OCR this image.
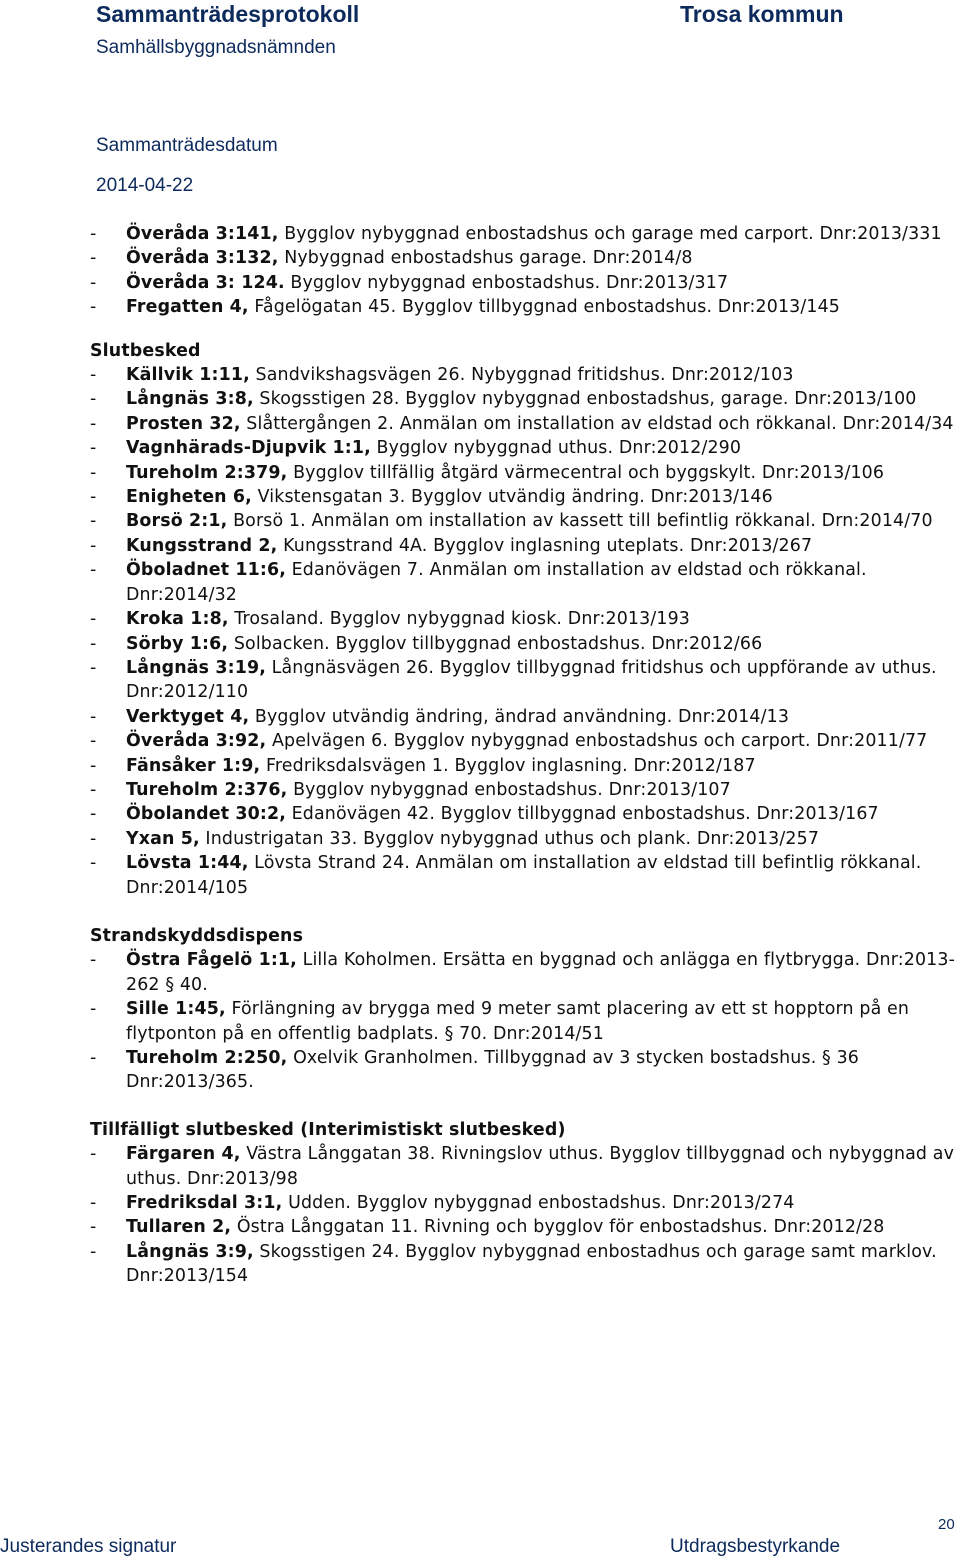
Sammanträdesprotokoll	Trosa kommun
Samhällsbyggnadsnämnden
Sammanträdesdatum
2014-04-22
- Överåda 3:141, Bygglov nybyggnad enbostadshus och garage med carport. Dnr:2013/331
- Överåda 3:132, Nybyggnad enbostadshus garage. Dnr:2014/8
- Överåda 3: 124. Bygglov nybyggnad enbostadshus. Dnr:2013/317
- Fregatten 4, Fågelögatan 45. Bygglov tillbyggnad enbostadshus. Dnr:2013/145
Slutbesked
- Källvik 1:11, Sandvikshagsvägen 26. Nybyggnad fritidshus. Dnr:2012/103
- Långnäs 3:8, Skogsstigen 28. Bygglov nybyggnad enbostadshus, garage. Dnr:2013/100
- Prosten 32, Slåttergången 2. Anmälan om installation av eldstad och rökkanal. Dnr:2014/34
- Vagnhärads-Djupvik 1:1, Bygglov nybyggnad uthus. Dnr:2012/290
- Tureholm 2:379, Bygglov tillfällig åtgärd värmecentral och byggskylt. Dnr:2013/106
- Enigheten 6, Vikstensgatan 3. Bygglov utvändig ändring. Dnr:2013/146
- Borsö 2:1, Borsö 1. Anmälan om installation av kassett till befintlig rökkanal. Drn:2014/70
- Kungsstrand 2, Kungsstrand 4A. Bygglov inglasning uteplats. Dnr:2013/267
- Öboladnet 11:6, Edanövägen 7. Anmälan om installation av eldstad och rökkanal. Dnr:2014/32
- Kroka 1:8, Trosaland. Bygglov nybyggnad kiosk. Dnr:2013/193
- Sörby 1:6, Solbacken. Bygglov tillbyggnad enbostadshus. Dnr:2012/66
- Långnäs 3:19, Långnäsvägen 26. Bygglov tillbyggnad fritidshus och uppförande av uthus. Dnr:2012/110
- Verktyget 4, Bygglov utvändig ändring, ändrad användning. Dnr:2014/13
- Överåda 3:92, Apelvägen 6. Bygglov nybyggnad enbostadshus och carport. Dnr:2011/77
- Fänsåker 1:9, Fredriksdalsvägen 1. Bygglov inglasning. Dnr:2012/187
- Tureholm 2:376, Bygglov nybyggnad enbostadshus. Dnr:2013/107
- Öbolandet 30:2, Edanövägen 42. Bygglov tillbyggnad enbostadshus. Dnr:2013/167
- Yxan 5, Industrigatan 33. Bygglov nybyggnad uthus och plank. Dnr:2013/257
- Lövsta 1:44, Lövsta Strand 24. Anmälan om installation av eldstad till befintlig rökkanal. Dnr:2014/105
Strandskyddsdispens
- Östra Fågelö 1:1, Lilla Koholmen. Ersätta en byggnad och anlägga en flytbrygga. Dnr:2013-262 § 40.
- Sille 1:45, Förlängning av brygga med 9 meter samt placering av ett st hopptorn på en flytponton på en offentlig badplats. § 70. Dnr:2014/51
- Tureholm 2:250, Oxelvik Granholmen. Tillbyggnad av 3 stycken bostadshus. § 36 Dnr:2013/365.
Tillfälligt slutbesked (Interimistiskt slutbesked)
- Färgaren 4, Västra Långgatan 38. Rivningslov uthus. Bygglov tillbyggnad och nybyggnad av uthus. Dnr:2013/98
- Fredriksdal 3:1, Udden. Bygglov nybyggnad enbostadshus. Dnr:2013/274
- Tullaren 2, Östra Långgatan 11. Rivning och bygglov för enbostadshus. Dnr:2012/28
- Långnäs 3:9, Skogsstigen 24. Bygglov nybyggnad enbostadhus och garage samt marklov. Dnr:2013/154
Justerandes signatur	Utdragsbestyrkande
20
